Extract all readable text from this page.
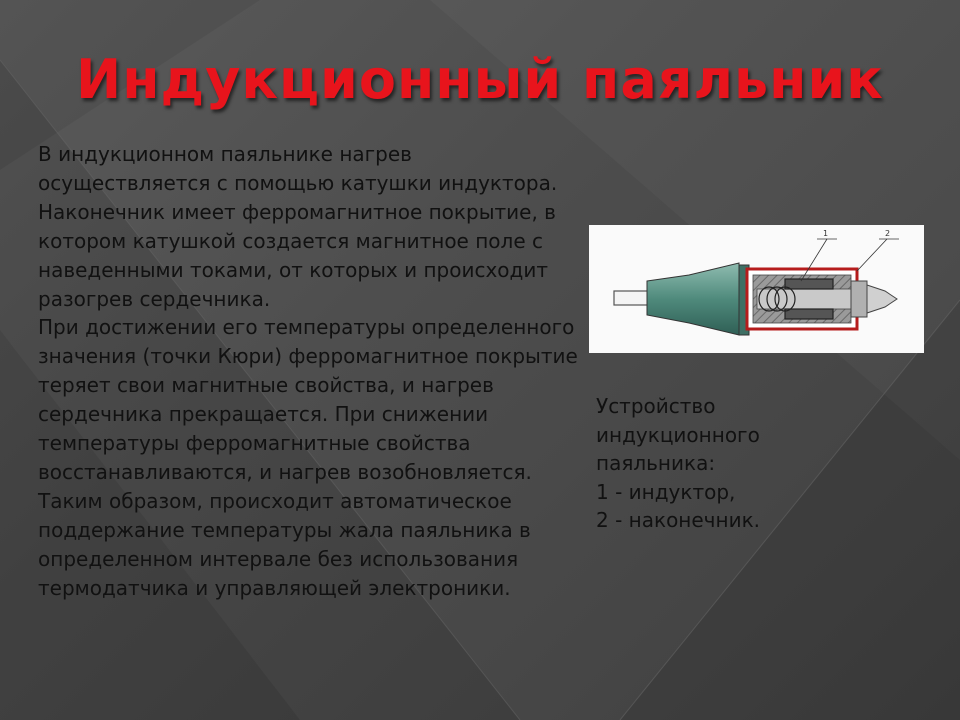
Индукционный паяльник

В индукционном паяльнике нагрев осуществляется с помощью катушки индуктора. Наконечник имеет ферромагнитное покрытие, в котором катушкой создается магнитное поле с наведенными токами, от которых и происходит разогрев сердечника.

При достижении его температуры определенного значения (точки Кюри) ферромагнитное покрытие теряет свои магнитные свойства, и нагрев сердечника прекращается. При снижении температуры ферромагнитные свойства восстанавливаются, и нагрев возобновляется. Таким образом, происходит автоматическое поддержание температуры жала паяльника в определенном интервале без использования термодатчика и управляющей электроники.

1	2
Устройство
индукционного
паяльника:
1 - индуктор,
2 - наконечник.
